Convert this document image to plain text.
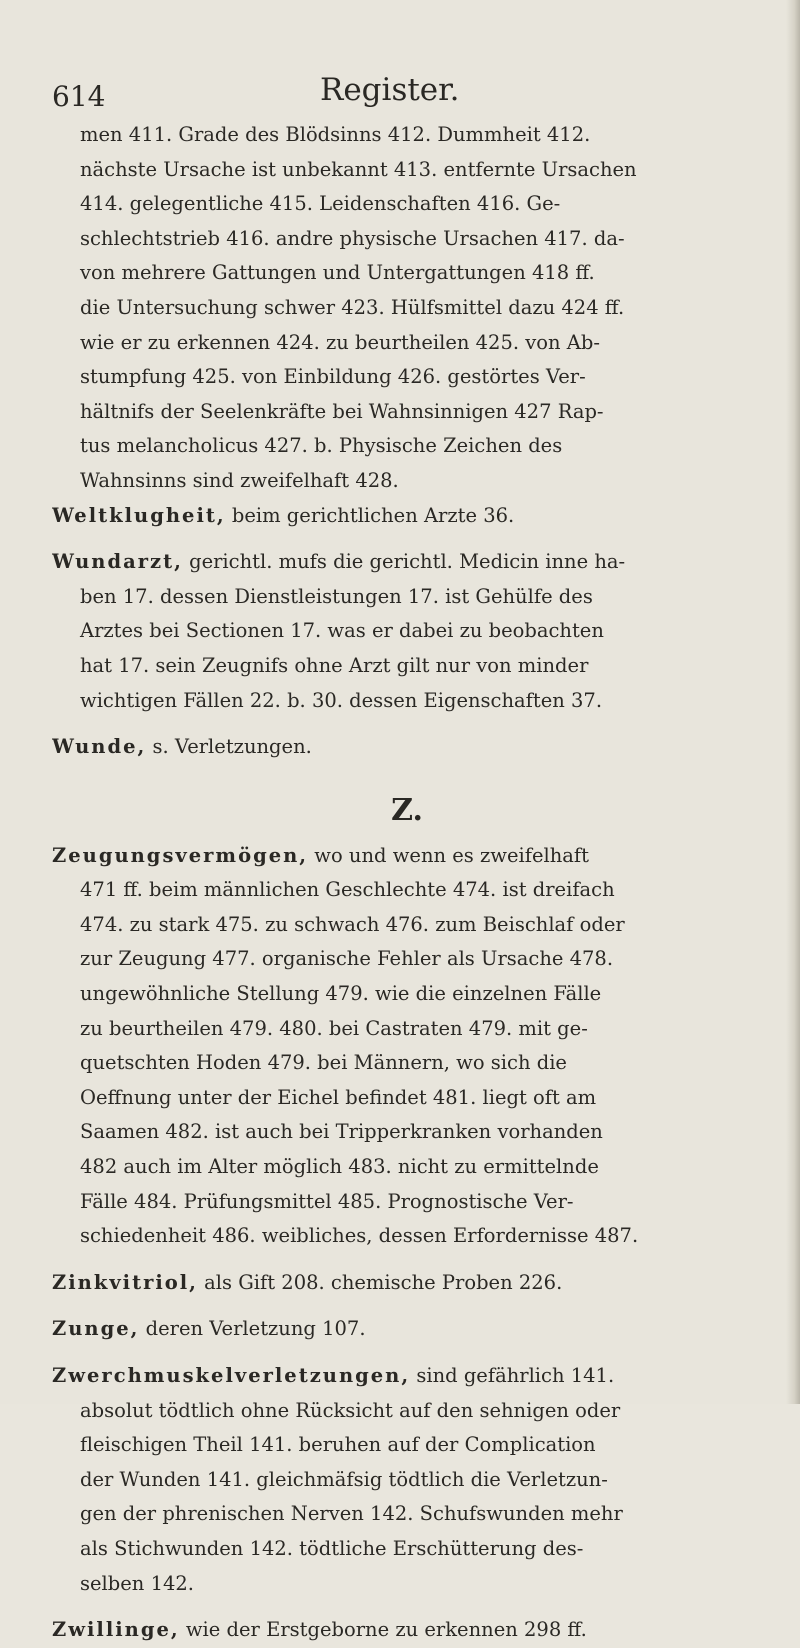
614	Register.
men 411. Grade des Blödsinns 412. Dummheit 412.
nächste Ursache ist unbekannt 413. entfernte Ursachen
414. gelegentliche 415. Leidenschaften 416. Ge-
schlechtstrieb 416. andre physische Ursachen 417. da-
von mehrere Gattungen und Untergattungen 418 ff.
die Untersuchung schwer 423. Hülfsmittel dazu 424 ff.
wie er zu erkennen 424. zu beurtheilen 425. von Ab-
stumpfung 425. von Einbildung 426. gestörtes Ver-
hältnifs der Seelenkräfte bei Wahnsinnigen 427 Rap-
tus melancholicus 427. b. Physische Zeichen des
Wahnsinns sind zweifelhaft 428.
Weltklugheit, beim gerichtlichen Arzte 36.
Wundarzt, gerichtl. mufs die gerichtl. Medicin inne ha-
ben 17. dessen Dienstleistungen 17. ist Gehülfe des
Arztes bei Sectionen 17. was er dabei zu beobachten
hat 17. sein Zeugnifs ohne Arzt gilt nur von minder
wichtigen Fällen 22. b. 30. dessen Eigenschaften 37.
Wunde, s. Verletzungen.
Z.
Zeugungsvermögen, wo und wenn es zweifelhaft
471 ff. beim männlichen Geschlechte 474. ist dreifach
474. zu stark 475. zu schwach 476. zum Beischlaf oder
zur Zeugung 477. organische Fehler als Ursache 478.
ungewöhnliche Stellung 479. wie die einzelnen Fälle
zu beurtheilen 479. 480. bei Castraten 479. mit ge-
quetschten Hoden 479. bei Männern, wo sich die
Oeffnung unter der Eichel befindet 481. liegt oft am
Saamen 482. ist auch bei Tripperkranken vorhanden
482 auch im Alter möglich 483. nicht zu ermittelnde
Fälle 484. Prüfungsmittel 485. Prognostische Ver-
schiedenheit 486. weibliches, dessen Erfordernisse 487.
Zinkvitriol, als Gift 208. chemische Proben 226.
Zunge, deren Verletzung 107.
Zwerchmuskelverletzungen, sind gefährlich 141.
absolut tödtlich ohne Rücksicht auf den sehnigen oder
fleischigen Theil 141. beruhen auf der Complication
der Wunden 141. gleichmäfsig tödtlich die Verletzun-
gen der phrenischen Nerven 142. Schufswunden mehr
als Stichwunden 142. tödtliche Erschütterung des-
selben 142.
Zwillinge, wie der Erstgeborne zu erkennen 298 ff.
